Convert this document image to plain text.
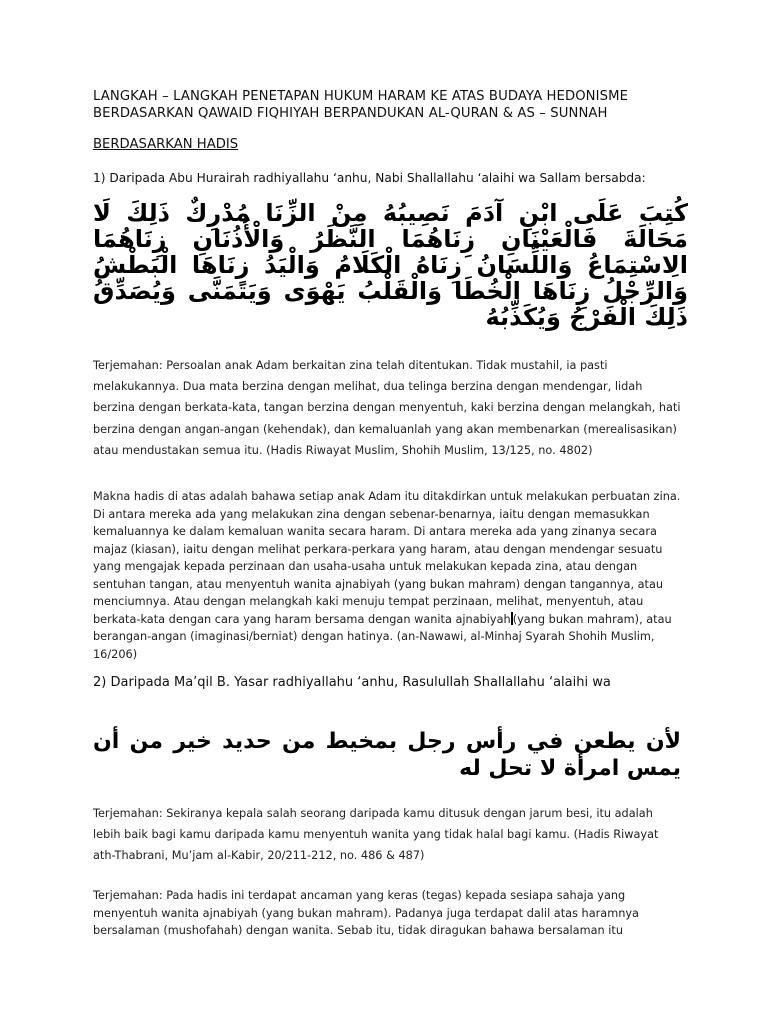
LANGKAH – LANGKAH PENETAPAN HUKUM HARAM KE ATAS BUDAYA HEDONISME
BERDASARKAN QAWAID FIQHIYAH BERPANDUKAN AL-QURAN & AS – SUNNAH
BERDASARKAN HADIS

1) Daripada Abu Hurairah radhiyallahu ‘anhu, Nabi Shallallahu ‘alaihi wa Sallam bersabda:

كُتِبَ عَلَى ابْنِ آدَمَ نَصِيبُهُ مِنْ الزِّنَا مُدْرِكٌ ذَلِكَ لَا مَحَالَةَ فَالْعَيْنَانِ زِنَاهُمَا النَّظَرُ وَالْأُذُنَانِ زِنَاهُمَا الِاسْتِمَاعُ وَاللِّسَانُ زِنَاهُ الْكَلَامُ وَالْيَدُ زِنَاهَا الْبَطْشُ وَالرِّجْلُ زِنَاهَا الْخُطَا وَالْقَلْبُ يَهْوَى وَيَتَمَنَّى وَيُصَدِّقُ ذَلِكَ الْفَرْجُ وَيُكَذِّبُهُ

Terjemahan: Persoalan anak Adam berkaitan zina telah ditentukan. Tidak mustahil, ia pasti melakukannya. Dua mata berzina dengan melihat, dua telinga berzina dengan mendengar, lidah berzina dengan berkata-kata, tangan berzina dengan menyentuh, kaki berzina dengan melangkah, hati berzina dengan angan-angan (kehendak), dan kemaluanlah yang akan membenarkan (merealisasikan) atau mendustakan semua itu. (Hadis Riwayat Muslim, Shohih Muslim, 13/125, no. 4802)

Makna hadis di atas adalah bahawa setiap anak Adam itu ditakdirkan untuk melakukan perbuatan zina. Di antara mereka ada yang melakukan zina dengan sebenar-benarnya, iaitu dengan memasukkan kemaluannya ke dalam kemaluan wanita secara haram. Di antara mereka ada yang zinanya secara majaz (kiasan), iaitu dengan melihat perkara-perkara yang haram, atau dengan mendengar sesuatu yang mengajak kepada perzinaan dan usaha-usaha untuk melakukan kepada zina, atau dengan sentuhan tangan, atau menyentuh wanita ajnabiyah (yang bukan mahram) dengan tangannya, atau menciumnya. Atau dengan melangkah kaki menuju tempat perzinaan, melihat, menyentuh, atau berkata-kata dengan cara yang haram bersama dengan wanita ajnabiyah (yang bukan mahram), atau berangan-angan (imaginasi/berniat) dengan hatinya. (an-Nawawi, al-Minhaj Syarah Shohih Muslim, 16/206)

2) Daripada Ma’qil B. Yasar radhiyallahu ‘anhu, Rasulullah Shallallahu ‘alaihi wa

لأن يطعن في رأس رجل بمخيط من حديد خير من أن يمس امرأة لا تحل له

Terjemahan: Sekiranya kepala salah seorang daripada kamu ditusuk dengan jarum besi, itu adalah lebih baik bagi kamu daripada kamu menyentuh wanita yang tidak halal bagi kamu. (Hadis Riwayat ath-Thabrani, Mu’jam al-Kabir, 20/211-212, no. 486 & 487)

Terjemahan: Pada hadis ini terdapat ancaman yang keras (tegas) kepada sesiapa sahaja yang menyentuh wanita ajnabiyah (yang bukan mahram). Padanya juga terdapat dalil atas haramnya bersalaman (mushofahah) dengan wanita. Sebab itu, tidak diragukan bahawa bersalaman itu
